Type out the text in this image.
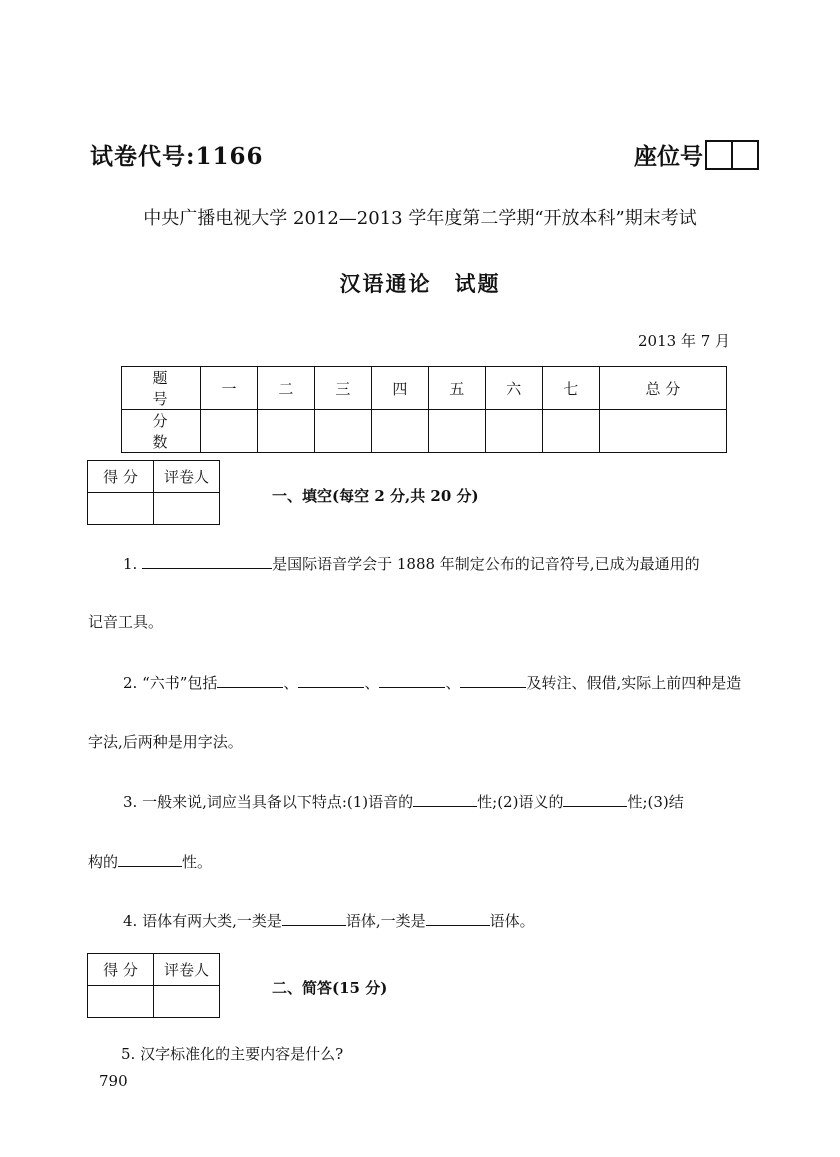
试卷代号:1166	座位号
中央广播电视大学 2012—2013 学年度第二学期“开放本科”期末考试
汉语通论　试题
2013 年 7 月
题 号	一	二	三	四	五	六	七	总 分
分 数								
得 分	评卷人

一、填空(每空 2 分,共 20 分)
1.	是国际语音学会于 1888 年制定公布的记音符号,已成为最通用的
记音工具。
2. “六书”包括	、	、	、	及转注、假借,实际上前四种是造
字法,后两种是用字法。
3. 一般来说,词应当具备以下特点:(1)语音的	性;(2)语义的	性;(3)结
构的	性。
4. 语体有两大类,一类是	语体,一类是	语体。
得 分	评卷人

二、简答(15 分)
5. 汉字标准化的主要内容是什么?
790
